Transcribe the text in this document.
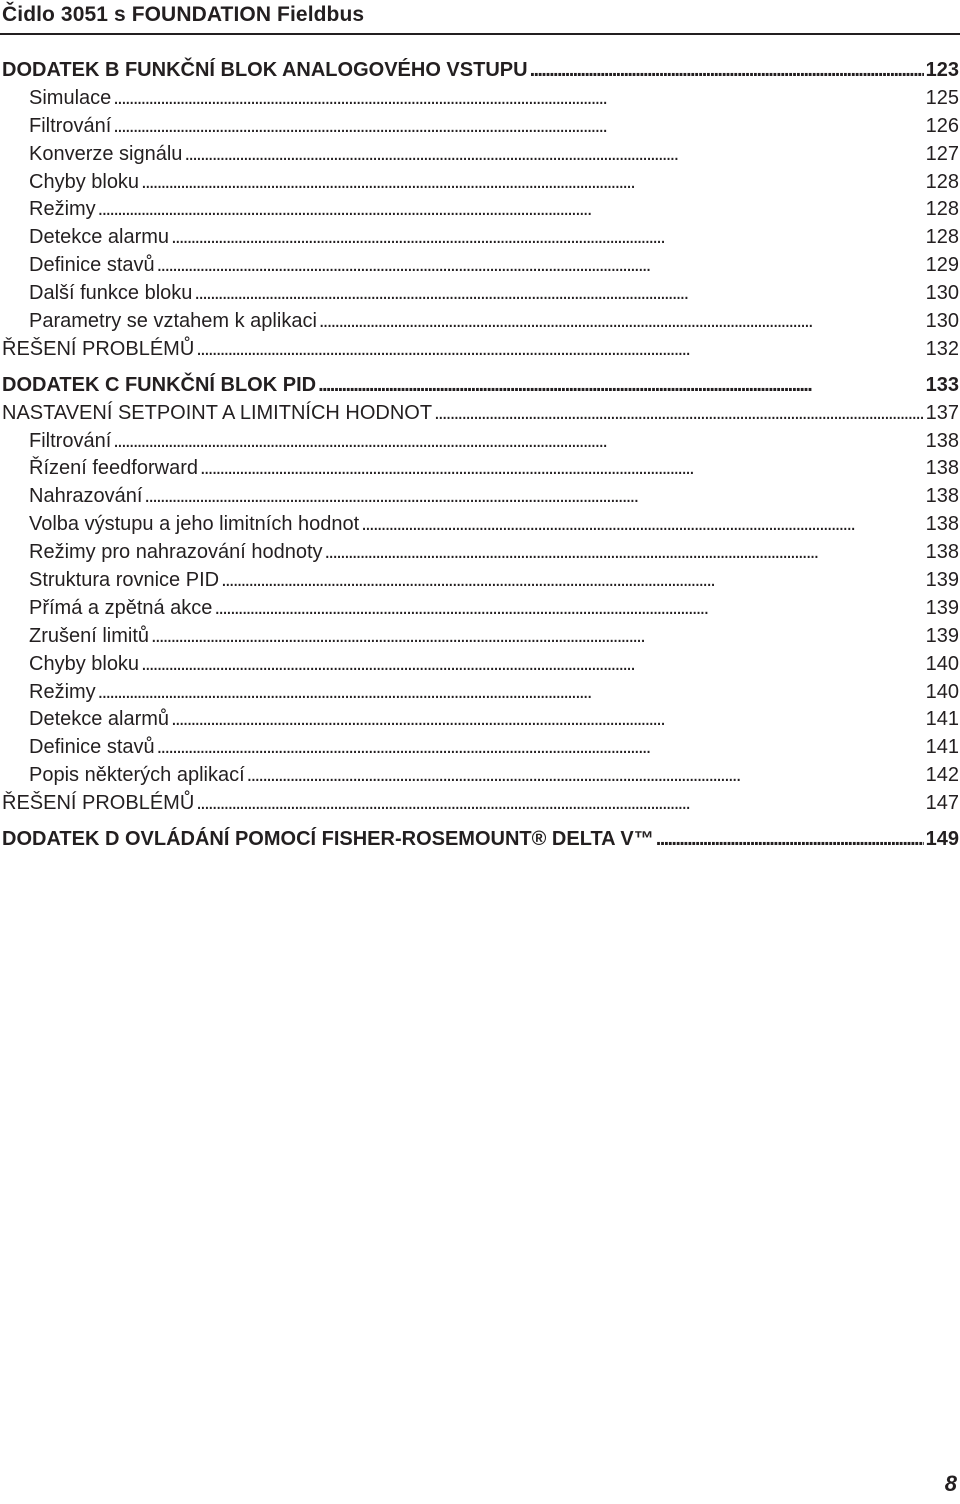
Čidlo 3051 s FOUNDATION Fieldbus
DODATEK B FUNKČNÍ BLOK ANALOGOVÉHO VSTUPU . . .	123
Simulace . . .	125
Filtrování . . .	126
Konverze signálu . . .	127
Chyby bloku . . .	128
Režimy . . .	128
Detekce alarmu . . .	128
Definice stavů . . .	129
Další funkce bloku . . .	130
Parametry se vztahem k aplikaci . . .	130
ŘEŠENÍ PROBLÉMŮ . . .	132
DODATEK C FUNKČNÍ BLOK PID . . .	133
NASTAVENÍ SETPOINT A LIMITNÍCH HODNOT . . .	137
Filtrování . . .	138
Řízení feedforward . . .	138
Nahrazování . . .	138
Volba výstupu a jeho limitních hodnot . . .	138
Režimy pro nahrazování hodnoty . . .	138
Struktura rovnice PID . . .	139
Přímá a zpětná akce . . .	139
Zrušení limitů . . .	139
Chyby bloku . . .	140
Režimy . . .	140
Detekce alarmů . . .	141
Definice stavů . . .	141
Popis některých aplikací . . .	142
ŘEŠENÍ PROBLÉMŮ . . .	147
DODATEK D OVLÁDÁNÍ POMOCÍ FISHER-ROSEMOUNT® DELTA V™ . . .	149
8
